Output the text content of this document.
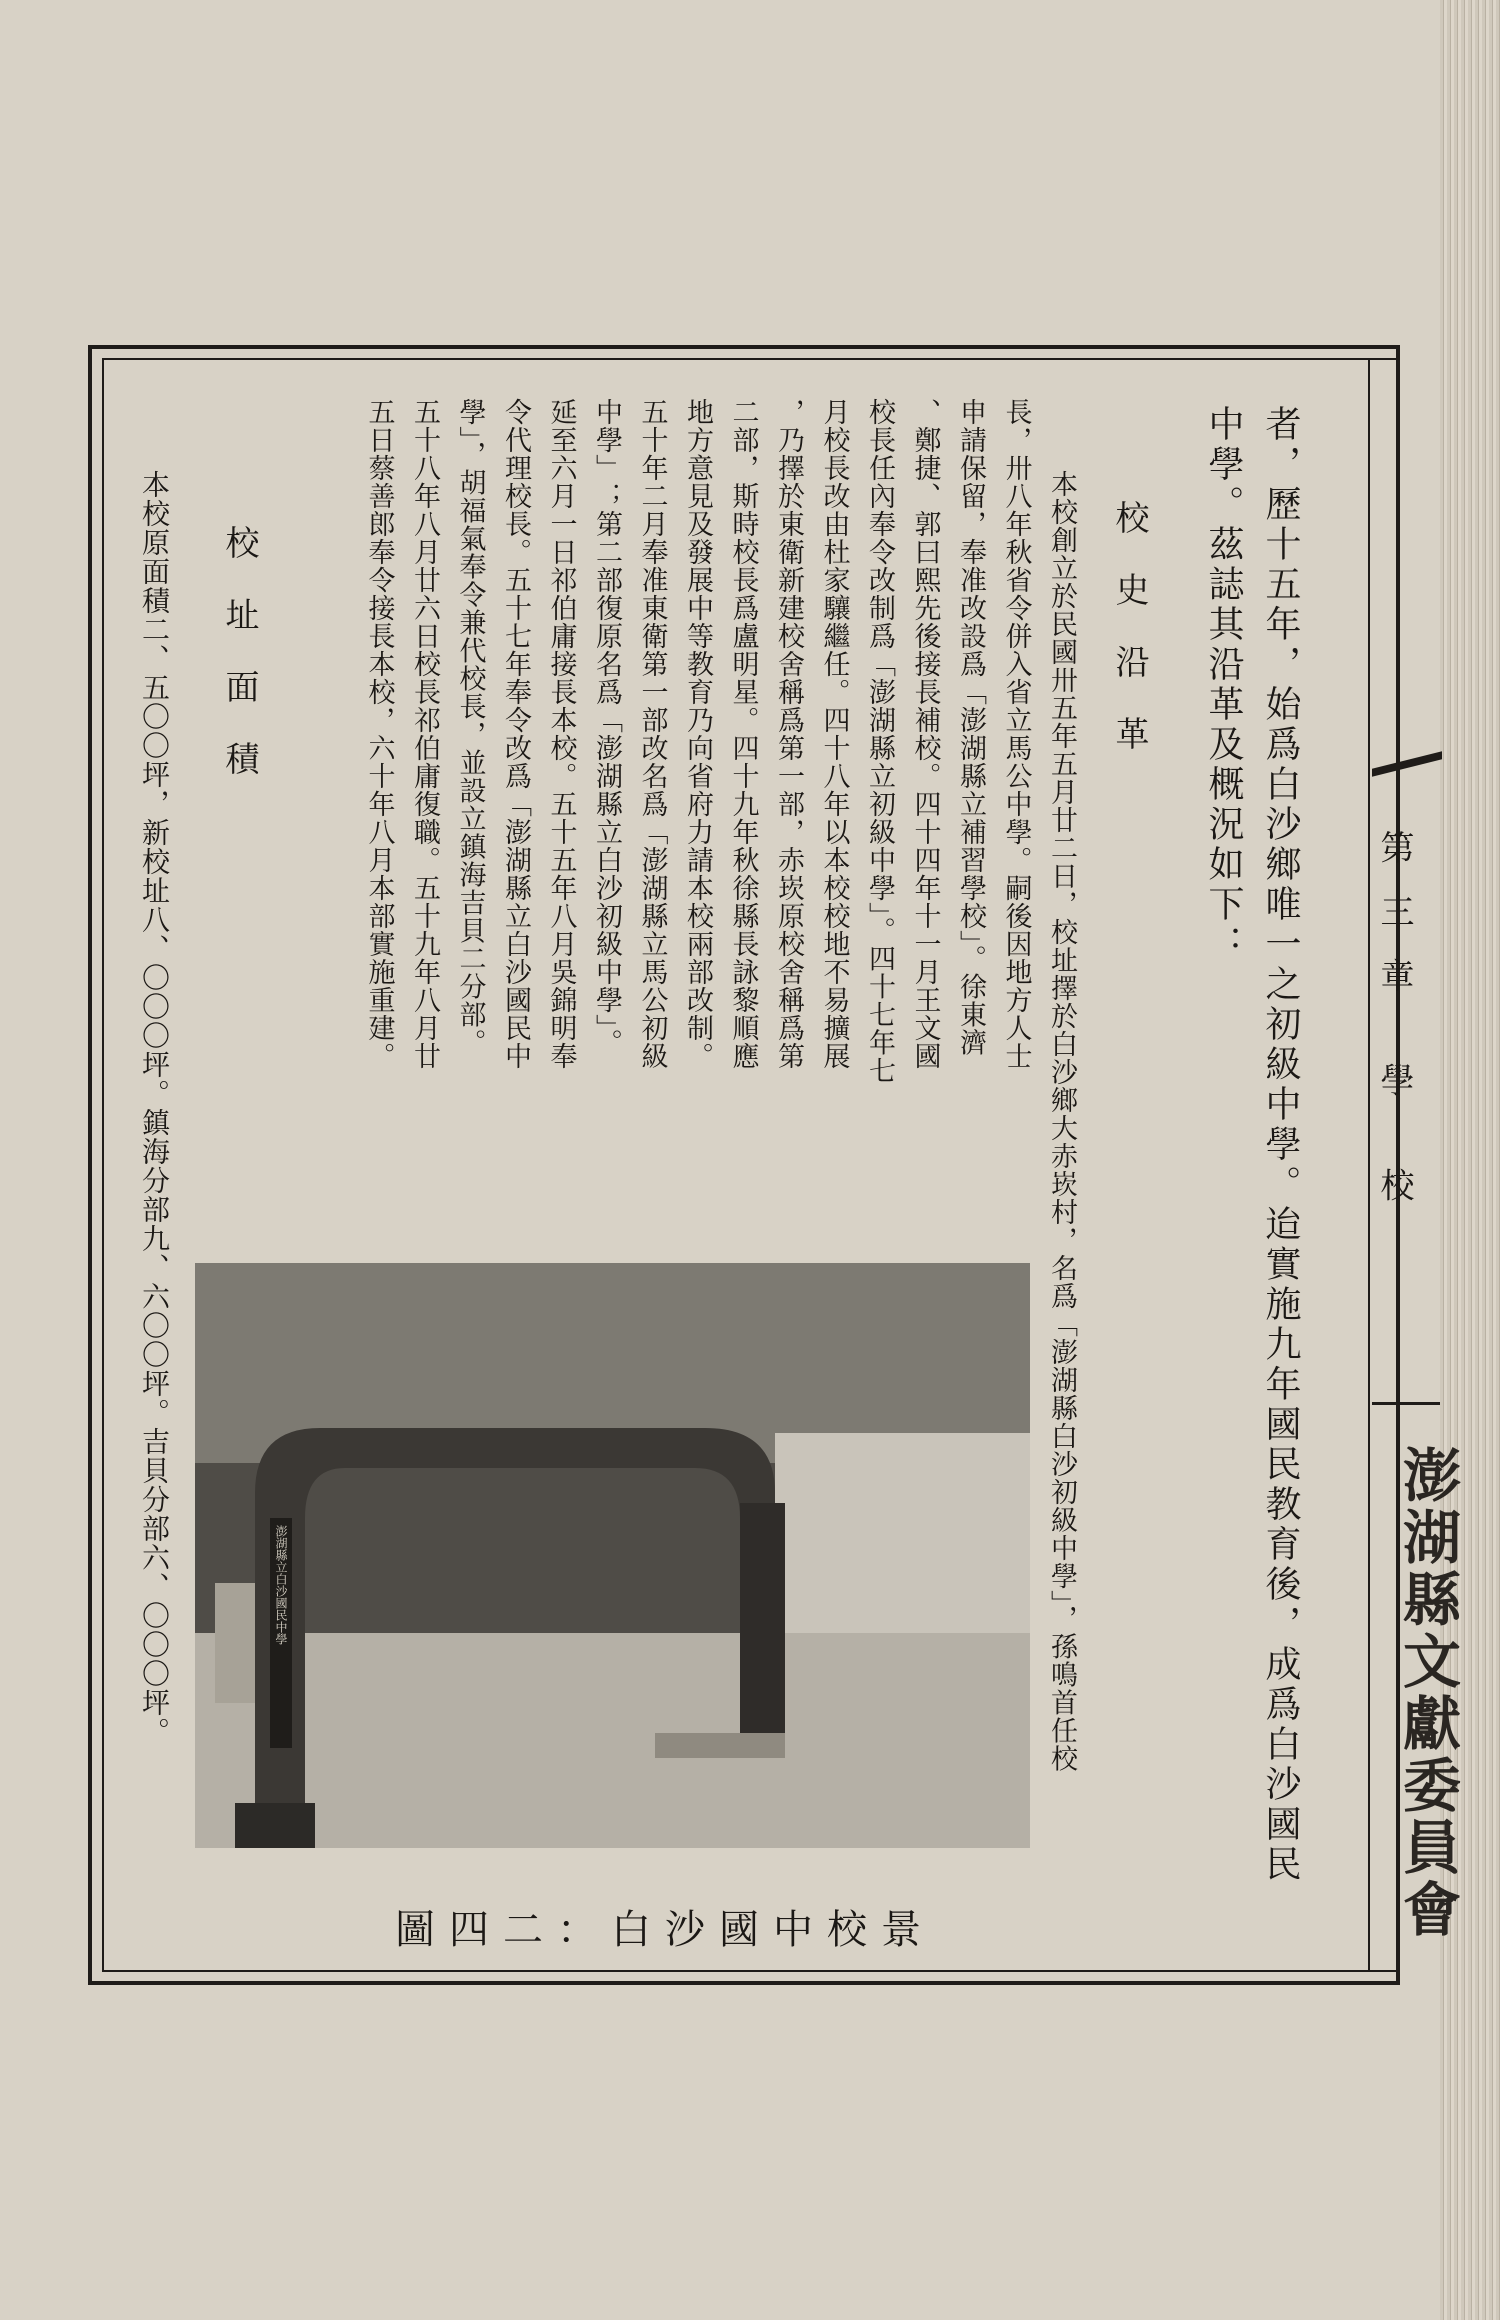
第三章 學 校
澎湖縣文獻委員會
者，歷十五年，始爲白沙鄉唯一之初級中學。迨實施九年國民教育後，成爲白沙國民
中學。茲誌其沿革及概況如下：
校史沿革
本校創立於民國卅五年五月廿二日，校址擇於白沙鄉大赤崁村，名爲「澎湖縣白沙初級中學」，孫鳴首任校
長，卅八年秋省令併入省立馬公中學。嗣後因地方人士
申請保留，奉准改設爲「澎湖縣立補習學校」。徐東濟
、鄭捷、郭曰熙先後接長補校。四十四年十一月王文國
校長任內奉令改制爲「澎湖縣立初級中學」。四十七年七
月校長改由杜家驤繼任。四十八年以本校校地不易擴展
，乃擇於東衛新建校舍稱爲第一部，赤崁原校舍稱爲第
二部，斯時校長爲盧明星。四十九年秋徐縣長詠黎順應
地方意見及發展中等教育乃向省府力請本校兩部改制。
五十年二月奉准東衛第一部改名爲「澎湖縣立馬公初級
中學」；第二部復原名爲「澎湖縣立白沙初級中學」。
延至六月一日祁伯庸接長本校。五十五年八月吳錦明奉
令代理校長。五十七年奉令改爲「澎湖縣立白沙國民中
學」，胡福氣奉令兼代校長，並設立鎮海吉貝二分部。
五十八年八月廿六日校長祁伯庸復職。五十九年八月廿
五日蔡善郎奉令接長本校，六十年八月本部實施重建。
校址面積
本校原面積二、五〇〇坪，新校址八、〇〇〇坪。鎮海分部九、六〇〇坪。吉貝分部六、〇〇〇坪。	澎湖縣立白沙國民中學
圖四二：白沙國中校景
